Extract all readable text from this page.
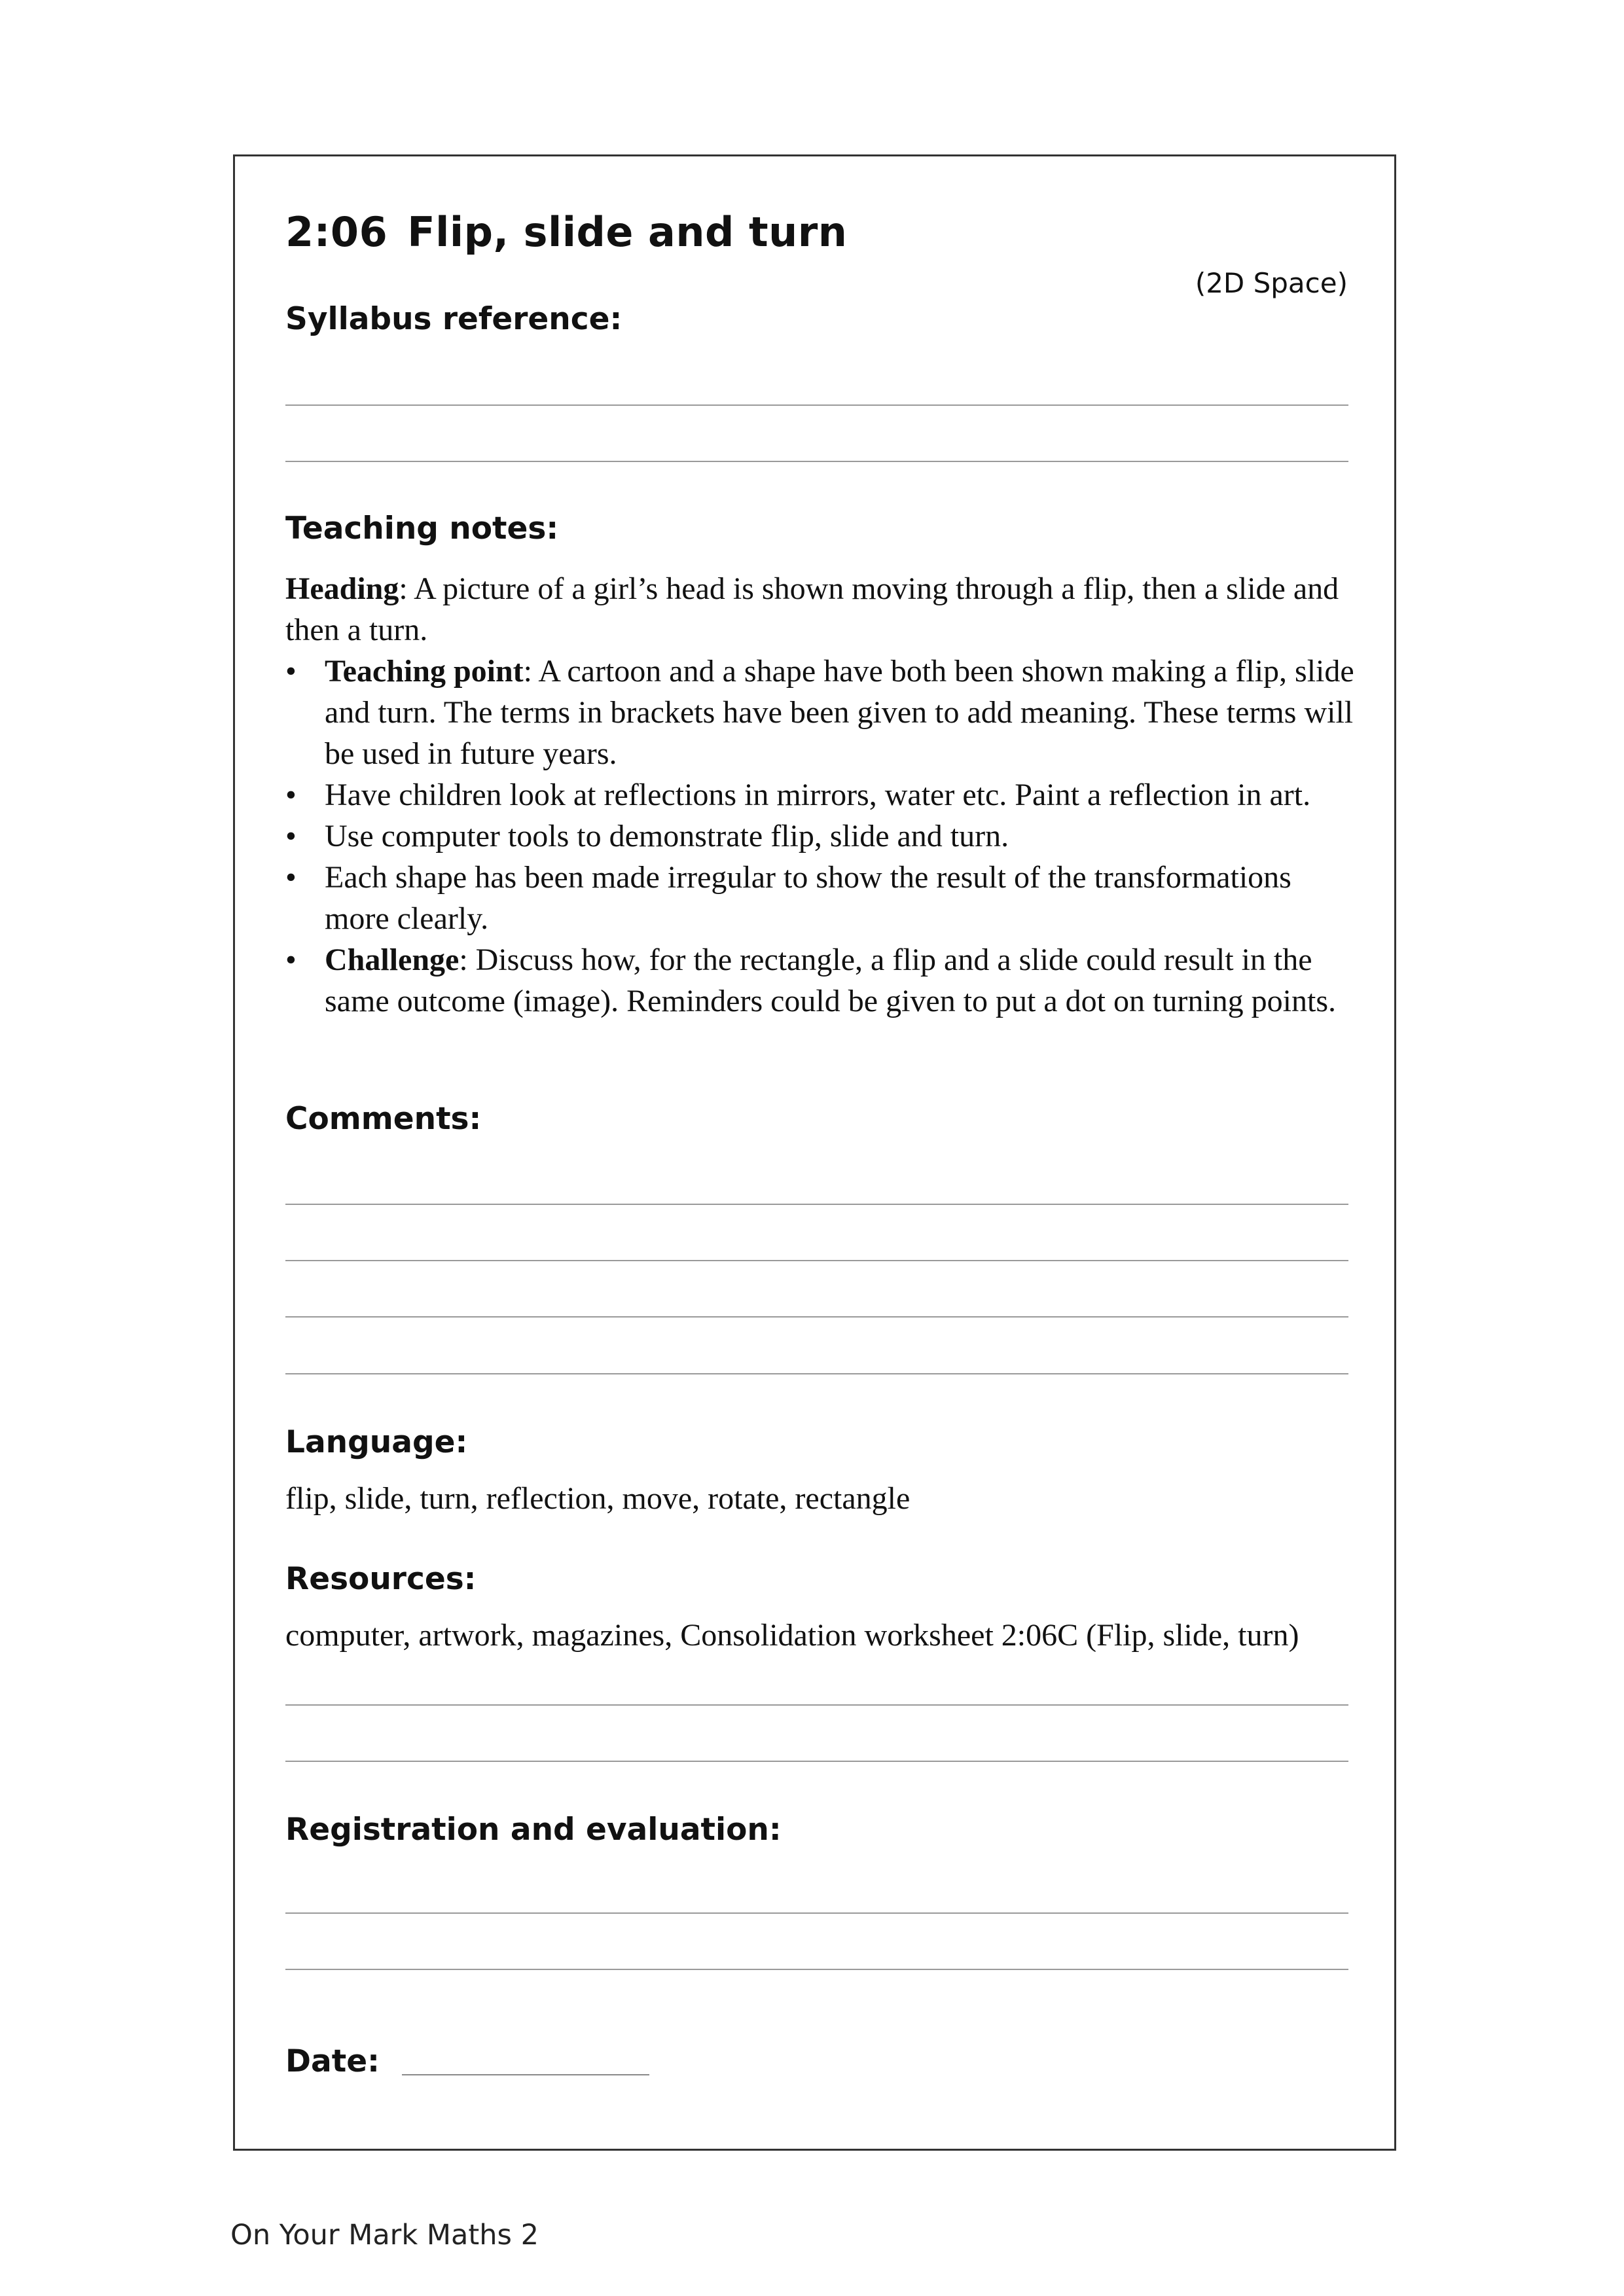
2:06 Flip, slide and turn
(2D Space)
Syllabus reference:
Teaching notes:

Heading: A picture of a girl’s head is shown moving through a flip, then a slide and then a turn.

• Teaching point: A cartoon and a shape have both been shown making a flip, slide and turn. The terms in brackets have been given to add meaning. These terms will be used in future years.
• Have children look at reflections in mirrors, water etc. Paint a reflection in art.
• Use computer tools to demonstrate flip, slide and turn.
• Each shape has been made irregular to show the result of the transformations more clearly.
• Challenge: Discuss how, for the rectangle, a flip and a slide could result in the same outcome (image). Reminders could be given to put a dot on turning points.
Comments:
Language:
flip, slide, turn, reflection, move, rotate, rectangle
Resources:
computer, artwork, magazines, Consolidation worksheet 2:06C (Flip, slide, turn)
Registration and evaluation:
Date:
On Your Mark Maths 2
